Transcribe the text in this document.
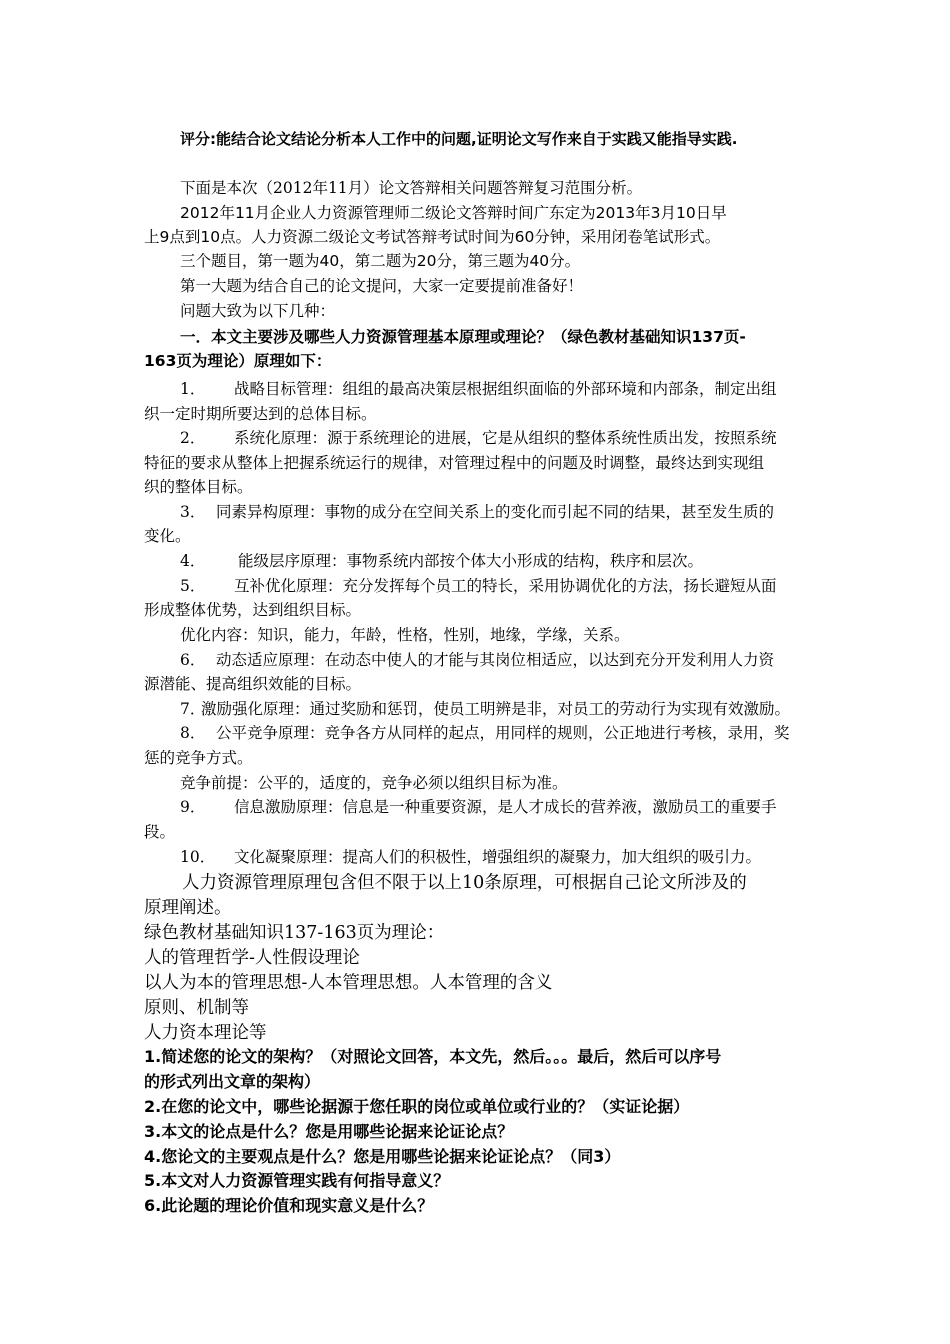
评分:能结合论文结论分析本人工作中的问题,证明论文写作来自于实践又能指导实践.
下面是本次（2012年11月）论文答辩相关问题答辩复习范围分析。
2012年11月企业人力资源管理师二级论文答辩时间广东定为2013年3月10日早
上9点到10点。人力资源二级论文考试答辩考试时间为60分钟，采用闭卷笔试形式。
三个题目，第一题为40，第二题为20分，第三题为40分。
第一大题为结合自己的论文提问，大家一定要提前准备好！
问题大致为以下几种：
一．本文主要涉及哪些人力资源管理基本原理或理论？（绿色教材基础知识137页-
163页为理论）原理如下：
1． 战略目标管理：组组的最高决策层根据组织面临的外部环境和内部条，制定出组
织一定时期所要达到的总体目标。
2． 系统化原理：源于系统理论的进展，它是从组织的整体系统性质出发，按照系统
特征的要求从整体上把握系统运行的规律，对管理过程中的问题及时调整，最终达到实现组
织的整体目标。
3． 同素异构原理：事物的成分在空间关系上的变化而引起不同的结果，甚至发生质的
变化。
4． 能级层序原理：事物系统内部按个体大小形成的结构，秩序和层次。
5． 互补优化原理：充分发挥每个员工的特长，采用协调优化的方法，扬长避短从面
形成整体优势，达到组织目标。
优化内容：知识，能力，年龄，性格，性别，地缘，学缘，关系。
6． 动态适应原理：在动态中使人的才能与其岗位相适应，以达到充分开发利用人力资
源潜能、提高组织效能的目标。
7．
激励强化原理：通过奖励和惩罚，使员工明辨是非，对员工的劳动行为实现有效激励。
8． 公平竞争原理：竞争各方从同样的起点，用同样的规则，公正地进行考核，录用，奖
惩的竞争方式。
竞争前提：公平的，适度的，竞争必须以组织目标为准。
9． 信息激励原理：信息是一种重要资源，是人才成长的营养液，激励员工的重要手
段。
10． 文化凝聚原理：提高人们的积极性，增强组织的凝聚力，加大组织的吸引力。
人力资源管理原理包含但不限于以上10条原理，可根据自己论文所涉及的
原理阐述。
绿色教材基础知识137-163页为理论：
人的管理哲学-人性假设理论
以人为本的管理思想-人本管理思想。人本管理的含义
原则、机制等
人力资本理论等
1.简述您的论文的架构？（对照论文回答，本文先，然后。。。最后，然后可以序号
的形式列出文章的架构）
2.在您的论文中，哪些论据源于您任职的岗位或单位或行业的？（实证论据）
3.本文的论点是什么？您是用哪些论据来论证论点？
4.您论文的主要观点是什么？您是用哪些论据来论证论点？（同3）
5.本文对人力资源管理实践有何指导意义？
6.此论题的理论价值和现实意义是什么？
